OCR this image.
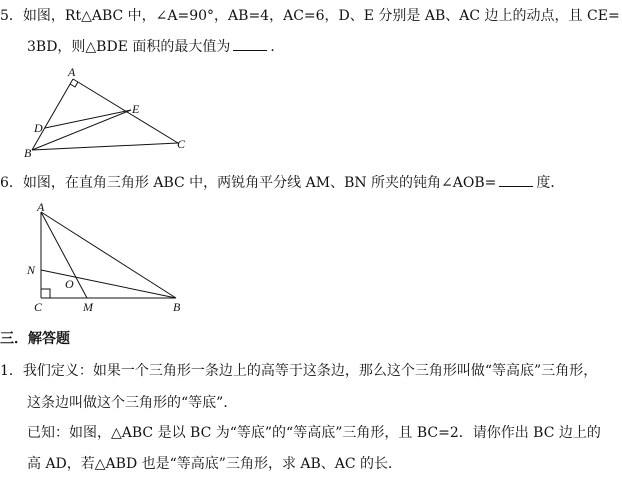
5．如图，Rt△ABC 中，∠A=90°，AB=4，AC=6，D、E 分别是 AB、AC 边上的动点，且 CE=
3BD，则△BDE 面积的最大值为	．
A
B
C
D
E
6．如图，在直角三角形 ABC 中，两锐角平分线 AM、BN 所夹的钝角∠AOB=	度．
A
N
O
C	M	B
三．解答题
1．我们定义：如果一个三角形一条边上的高等于这条边，那么这个三角形叫做“等高底”三角形，
这条边叫做这个三角形的“等底”．
已知：如图，△ABC 是以 BC 为“等底”的“等高底”三角形，且 BC=2．请你作出 BC 边上的
高 AD，若△ABD 也是“等高底”三角形，求 AB、AC 的长．
